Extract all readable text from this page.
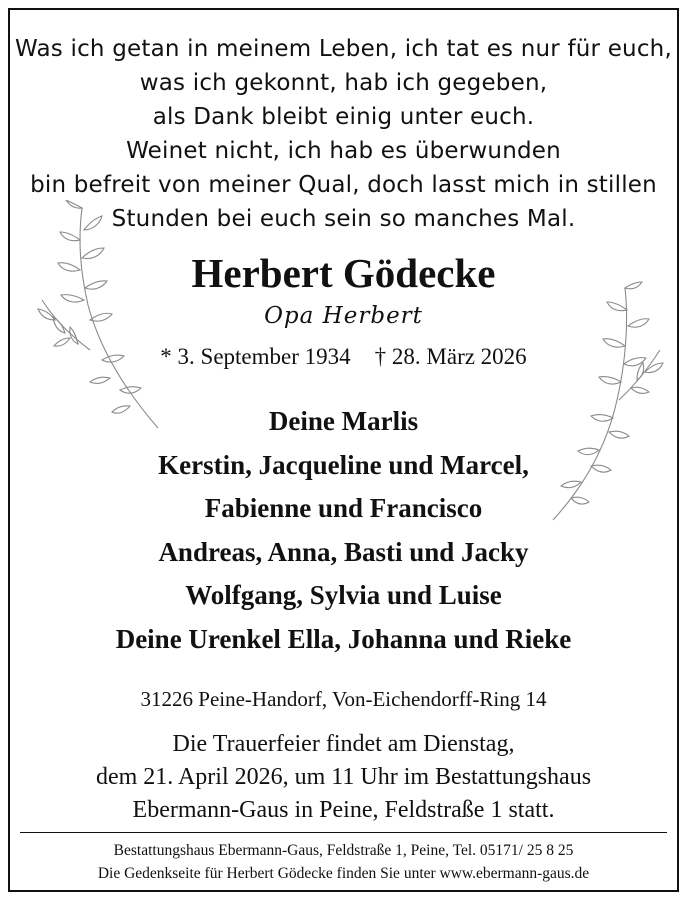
Was ich getan in meinem Leben, ich tat es nur für euch,
was ich gekonnt, hab ich gegeben,
als Dank bleibt einig unter euch.
Weinet nicht, ich hab es überwunden
bin befreit von meiner Qual, doch lasst mich in stillen
Stunden bei euch sein so manches Mal.
Herbert Gödecke
Opa Herbert
* 3. September 1934 † 28. März 2026
Deine Marlis
Kerstin, Jacqueline und Marcel,
Fabienne und Francisco
Andreas, Anna, Basti und Jacky
Wolfgang, Sylvia und Luise
Deine Urenkel Ella, Johanna und Rieke
31226 Peine-Handorf, Von-Eichendorff-Ring 14
Die Trauerfeier findet am Dienstag,
dem 21. April 2026, um 11 Uhr im Bestattungshaus
Ebermann-Gaus in Peine, Feldstraße 1 statt.
Bestattungshaus Ebermann-Gaus, Feldstraße 1, Peine, Tel. 05171/ 25 8 25
Die Gedenkseite für Herbert Gödecke finden Sie unter www.ebermann-gaus.de
